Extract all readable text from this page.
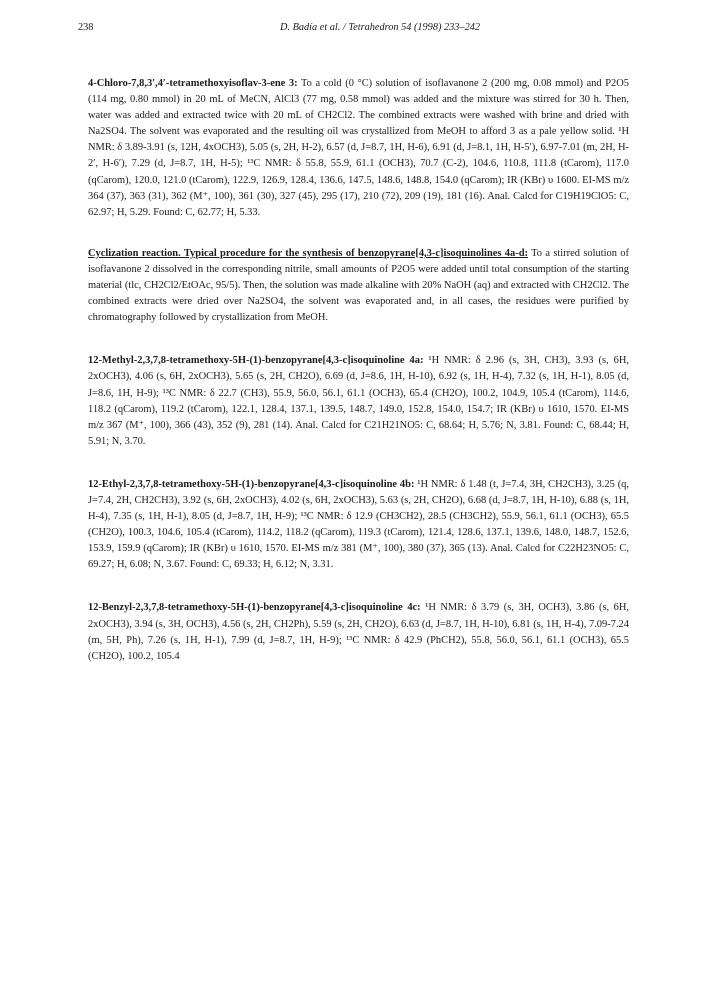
238	D. Badía et al. / Tetrahedron 54 (1998) 233–242

4-Chloro-7,8,3′,4′-tetramethoxyisoflav-3-ene 3: To a cold (0 °C) solution of isoflavanone 2 (200 mg, 0.08 mmol) and P2O5 (114 mg, 0.80 mmol) in 20 mL of MeCN, AlCl3 (77 mg, 0.58 mmol) was added and the mixture was stirred for 30 h. Then, water was added and extracted twice with 20 mL of CH2Cl2. The combined extracts were washed with brine and dried with Na2SO4. The solvent was evaporated and the resulting oil was crystallized from MeOH to afford 3 as a pale yellow solid. ¹H NMR: δ 3.89-3.91 (s, 12H, 4xOCH3), 5.05 (s, 2H, H-2), 6.57 (d, J=8.7, 1H, H-6), 6.91 (d, J=8.1, 1H, H-5′), 6.97-7.01 (m, 2H, H-2′, H-6′), 7.29 (d, J=8.7, 1H, H-5); ¹³C NMR: δ 55.8, 55.9, 61.1 (OCH3), 70.7 (C-2), 104.6, 110.8, 111.8 (tCarom), 117.0 (qCarom), 120.0, 121.0 (tCarom), 122.9, 126.9, 128.4, 136.6, 147.5, 148.6, 148.8, 154.0 (qCarom); IR (KBr) υ 1600. EI-MS m/z 364 (37), 363 (31), 362 (M⁺, 100), 361 (30), 327 (45), 295 (17), 210 (72), 209 (19), 181 (16). Anal. Calcd for C19H19ClO5: C, 62.97; H, 5.29. Found: C, 62.77; H, 5.33.

Cyclization reaction. Typical procedure for the synthesis of benzopyrane[4,3-c]isoquinolines 4a-d: To a stirred solution of isoflavanone 2 dissolved in the corresponding nitrile, small amounts of P2O5 were added until total consumption of the starting material (tlc, CH2Cl2/EtOAc, 95/5). Then, the solution was made alkaline with 20% NaOH (aq) and extracted with CH2Cl2. The combined extracts were dried over Na2SO4, the solvent was evaporated and, in all cases, the residues were purified by chromatography followed by crystallization from MeOH.

12-Methyl-2,3,7,8-tetramethoxy-5H-(1)-benzopyrane[4,3-c]isoquinoline 4a: ¹H NMR: δ 2.96 (s, 3H, CH3), 3.93 (s, 6H, 2xOCH3), 4.06 (s, 6H, 2xOCH3), 5.65 (s, 2H, CH2O), 6.69 (d, J=8.6, 1H, H-10), 6.92 (s, 1H, H-4), 7.32 (s, 1H, H-1), 8.05 (d, J=8.6, 1H, H-9); ¹³C NMR: δ 22.7 (CH3), 55.9, 56.0, 56.1, 61.1 (OCH3), 65.4 (CH2O), 100.2, 104.9, 105.4 (tCarom), 114.6, 118.2 (qCarom), 119.2 (tCarom), 122.1, 128.4, 137.1, 139.5, 148.7, 149.0, 152.8, 154.0, 154.7; IR (KBr) υ 1610, 1570. EI-MS m/z 367 (M⁺, 100), 366 (43), 352 (9), 281 (14). Anal. Calcd for C21H21NO5: C, 68.64; H, 5.76; N, 3.81. Found: C, 68.44; H, 5.91; N, 3.70.

12-Ethyl-2,3,7,8-tetramethoxy-5H-(1)-benzopyrane[4,3-c]isoquinoline 4b: ¹H NMR: δ 1.48 (t, J=7.4, 3H, CH2CH3), 3.25 (q, J=7.4, 2H, CH2CH3), 3.92 (s, 6H, 2xOCH3), 4.02 (s, 6H, 2xOCH3), 5.63 (s, 2H, CH2O), 6.68 (d, J=8.7, 1H, H-10), 6.88 (s, 1H, H-4), 7.35 (s, 1H, H-1), 8.05 (d, J=8.7, 1H, H-9); ¹³C NMR: δ 12.9 (CH3CH2), 28.5 (CH3CH2), 55.9, 56.1, 61.1 (OCH3), 65.5 (CH2O), 100.3, 104.6, 105.4 (tCarom), 114.2, 118.2 (qCarom), 119.3 (tCarom), 121.4, 128.6, 137.1, 139.6, 148.0, 148.7, 152.6, 153.9, 159.9 (qCarom); IR (KBr) υ 1610, 1570. EI-MS m/z 381 (M⁺, 100), 380 (37), 365 (13). Anal. Calcd for C22H23NO5: C, 69.27; H, 6.08; N, 3.67. Found: C, 69.33; H, 6.12; N, 3.31.

12-Benzyl-2,3,7,8-tetramethoxy-5H-(1)-benzopyrane[4,3-c]isoquinoline 4c: ¹H NMR: δ 3.79 (s, 3H, OCH3), 3.86 (s, 6H, 2xOCH3), 3.94 (s, 3H, OCH3), 4.56 (s, 2H, CH2Ph), 5.59 (s, 2H, CH2O), 6.63 (d, J=8.7, 1H, H-10), 6.81 (s, 1H, H-4), 7.09-7.24 (m, 5H, Ph), 7.26 (s, 1H, H-1), 7.99 (d, J=8.7, 1H, H-9); ¹³C NMR: δ 42.9 (PhCH2), 55.8, 56.0, 56.1, 61.1 (OCH3), 65.5 (CH2O), 100.2, 105.4
